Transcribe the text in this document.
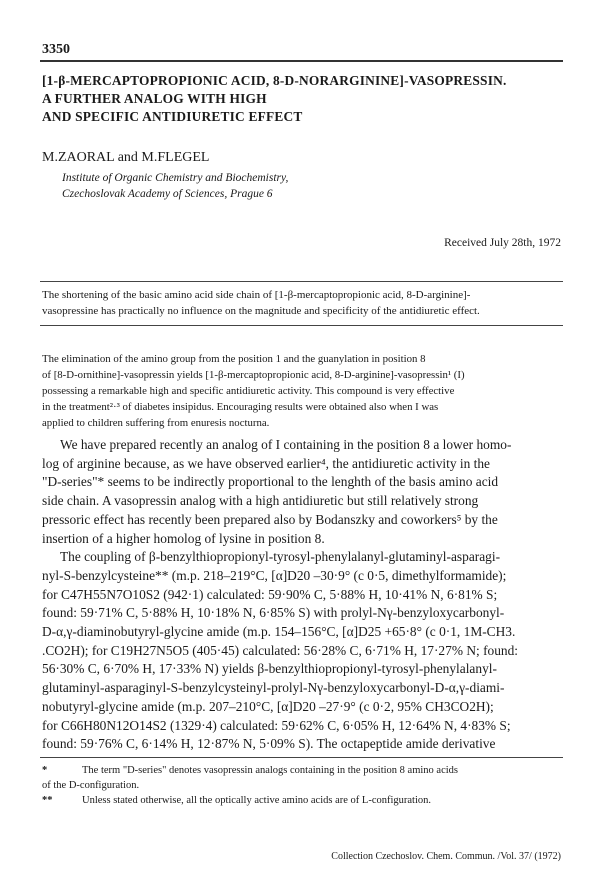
3350
[1-β-MERCAPTOPROPIONIC ACID, 8-D-NORARGININE]-VASOPRESSIN.
A FURTHER ANALOG WITH HIGH
AND SPECIFIC ANTIDIURETIC EFFECT
M.ZAORAL and M.FLEGEL
Institute of Organic Chemistry and Biochemistry,
Czechoslovak Academy of Sciences, Prague 6
Received July 28th, 1972
The shortening of the basic amino acid side chain of [1-β-mercaptopropionic acid, 8-D-arginine]-
vasopressine has practically no influence on the magnitude and specificity of the antidiuretic effect.
The elimination of the amino group from the position 1 and the guanylation in position 8
of [8-D-ornithine]-vasopressin yields [1-β-mercaptopropionic acid, 8-D-arginine]-vasopressin¹ (I)
possessing a remarkable high and specific antidiuretic activity. This compound is very effective
in the treatment²·³ of diabetes insipidus. Encouraging results were obtained also when I was
applied to children suffering from enuresis nocturna.
We have prepared recently an analog of I containing in the position 8 a lower homo-
log of arginine because, as we have observed earlier⁴, the antidiuretic activity in the
"D-series"* seems to be indirectly proportional to the lenghth of the basis amino acid
side chain. A vasopressin analog with a high antidiuretic but still relatively strong
pressoric effect has recently been prepared also by Bodanszky and coworkers⁵ by the
insertion of a higher homolog of lysine in position 8.
The coupling of β-benzylthiopropionyl-tyrosyl-phenylalanyl-glutaminyl-asparagi-
nyl-S-benzylcysteine** (m.p. 218–219°C, [α]D20 –30·9° (c 0·5, dimethylformamide);
for C47H55N7O10S2 (942·1) calculated: 59·90% C, 5·88% H, 10·41% N, 6·81% S;
found: 59·71% C, 5·88% H, 10·18% N, 6·85% S) with prolyl-Nγ-benzyloxycarbonyl-
D-α,γ-diaminobutyryl-glycine amide (m.p. 154–156°C, [α]D25 +65·8° (c 0·1, 1M-CH3.
.CO2H); for C19H27N5O5 (405·45) calculated: 56·28% C, 6·71% H, 17·27% N; found:
56·30% C, 6·70% H, 17·33% N) yields β-benzylthiopropionyl-tyrosyl-phenylalanyl-
glutaminyl-asparaginyl-S-benzylcysteinyl-prolyl-Nγ-benzyloxycarbonyl-D-α,γ-diami-
nobutyryl-glycine amide (m.p. 207–210°C, [α]D20 –27·9° (c 0·2, 95% CH3CO2H);
for C66H80N12O14S2 (1329·4) calculated: 59·62% C, 6·05% H, 12·64% N, 4·83% S;
found: 59·76% C, 6·14% H, 12·87% N, 5·09% S). The octapeptide amide derivative
*	The term "D-series" denotes vasopressin analogs containing in the position 8 amino acids
of the D-configuration.
**	Unless stated otherwise, all the optically active amino acids are of L-configuration.
Collection Czechoslov. Chem. Commun. /Vol. 37/ (1972)
